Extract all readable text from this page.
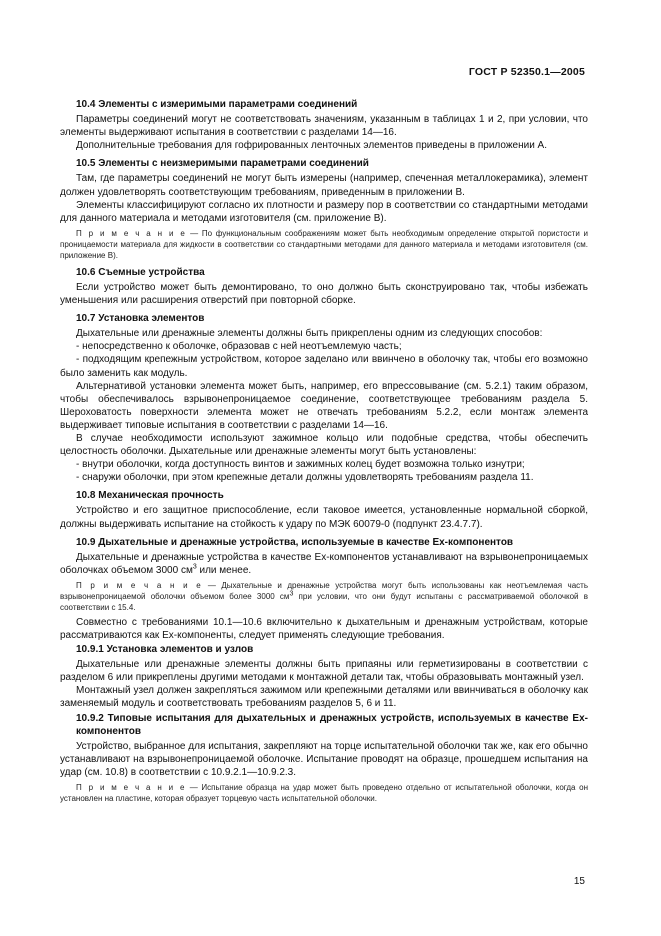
ГОСТ Р 52350.1—2005
10.4 Элементы с измеримыми параметрами соединений

Параметры соединений могут не соответствовать значениям, указанным в таблицах 1 и 2, при условии, что элементы выдерживают испытания в соответствии с разделами 14—16.

Дополнительные требования для гофрированных ленточных элементов приведены в приложении А.

10.5 Элементы с неизмеримыми параметрами соединений

Там, где параметры соединений не могут быть измерены (например, спеченная металлокерамика), элемент должен удовлетворять соответствующим требованиям, приведенным в приложении В.

Элементы классифицируют согласно их плотности и размеру пор в соответствии со стандартными методами для данного материала и методами изготовителя (см. приложение В).

П р и м е ч а н и е — По функциональным соображениям может быть необходимым определение открытой пористости и проницаемости материала для жидкости в соответствии со стандартными методами для данного материала и методами изготовителя (см. приложение В).

10.6 Съемные устройства

Если устройство может быть демонтировано, то оно должно быть сконструировано так, чтобы избежать уменьшения или расширения отверстий при повторной сборке.

10.7 Установка элементов

Дыхательные или дренажные элементы должны быть прикреплены одним из следующих способов:

- непосредственно к оболочке, образовав с ней неотъемлемую часть;

- подходящим крепежным устройством, которое заделано или ввинчено в оболочку так, чтобы его возможно было заменить как модуль.

Альтернативой установки элемента может быть, например, его впрессовывание (см. 5.2.1) таким образом, чтобы обеспечивалось взрывонепроницаемое соединение, соответствующее требованиям раздела 5. Шероховатость поверхности элемента может не отвечать требованиям 5.2.2, если монтаж элемента выдерживает типовые испытания в соответствии с разделами 14—16.

В случае необходимости используют зажимное кольцо или подобные средства, чтобы обеспечить целостность оболочки. Дыхательные или дренажные элементы могут быть установлены:

- внутри оболочки, когда доступность винтов и зажимных колец будет возможна только изнутри;

- снаружи оболочки, при этом крепежные детали должны удовлетворять требованиям раздела 11.

10.8 Механическая прочность

Устройство и его защитное приспособление, если таковое имеется, установленные нормальной сборкой, должны выдерживать испытание на стойкость к удару по МЭК 60079-0 (подпункт 23.4.7.7).

10.9 Дыхательные и дренажные устройства, используемые в качестве Ex-компонентов

Дыхательные и дренажные устройства в качестве Ex-компонентов устанавливают на взрывонепроницаемых оболочках объемом 3000 $см^3$ или менее.

П р и м е ч а н и е — Дыхательные и дренажные устройства могут быть использованы как неотъемлемая часть взрывонепроницаемой оболочки объемом более 3000 $см^3$ при условии, что они будут испытаны с рассматриваемой оболочкой в соответствии с 15.4.

Совместно с требованиями 10.1—10.6 включительно к дыхательным и дренажным устройствам, которые рассматриваются как Ex-компоненты, следует применять следующие требования.

10.9.1 Установка элементов и узлов

Дыхательные или дренажные элементы должны быть припаяны или герметизированы в соответствии с разделом 6 или прикреплены другими методами к монтажной детали так, чтобы образовывать монтажный узел.

Монтажный узел должен закрепляться зажимом или крепежными деталями или ввинчиваться в оболочку как заменяемый модуль и соответствовать требованиям разделов 5, 6 и 11.

10.9.2 Типовые испытания для дыхательных и дренажных устройств, используемых в качестве Ex-компонентов

Устройство, выбранное для испытания, закрепляют на торце испытательной оболочки так же, как его обычно устанавливают на взрывонепроницаемой оболочке. Испытание проводят на образце, прошедшем испытания на удар (см. 10.8) в соответствии с 10.9.2.1—10.9.2.3.

П р и м е ч а н и е — Испытание образца на удар может быть проведено отдельно от испытательной оболочки, когда он установлен на пластине, которая образует торцевую часть испытательной оболочки.

15
